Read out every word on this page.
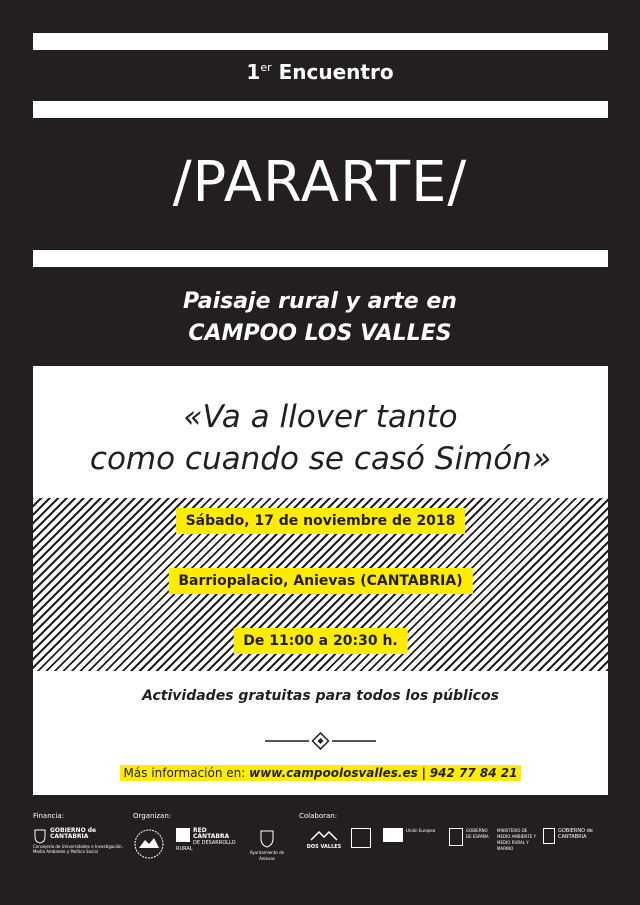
1er Encuentro
/PARARTE/
Paisaje rural y arte en
CAMPOO LOS VALLES
«Va a llover tanto
como cuando se casó Simón»
Sábado, 17 de noviembre de 2018
Barriopalacio, Anievas (CANTABRIA)
De 11:00 a 20:30 h.
Actividades gratuitas para todos los públicos
Más información en: www.campoolosvalles.es | 942 77 84 21
Financia:	Organizan:	Colaboran:
GOBIERNO de CANTABRIA
Consejería de Universidades e Investigación, Medio Ambiente y Política Social
RED CÁNTABRA
DE DESARROLLO RURAL
Ayuntamiento de Anievas
DOS VALLES
Unión Europea	GOBIERNO DE ESPAÑA
MINISTERIO DE MEDIO AMBIENTE Y MEDIO RURAL Y MARINO
GOBIERNO de CANTABRIA
